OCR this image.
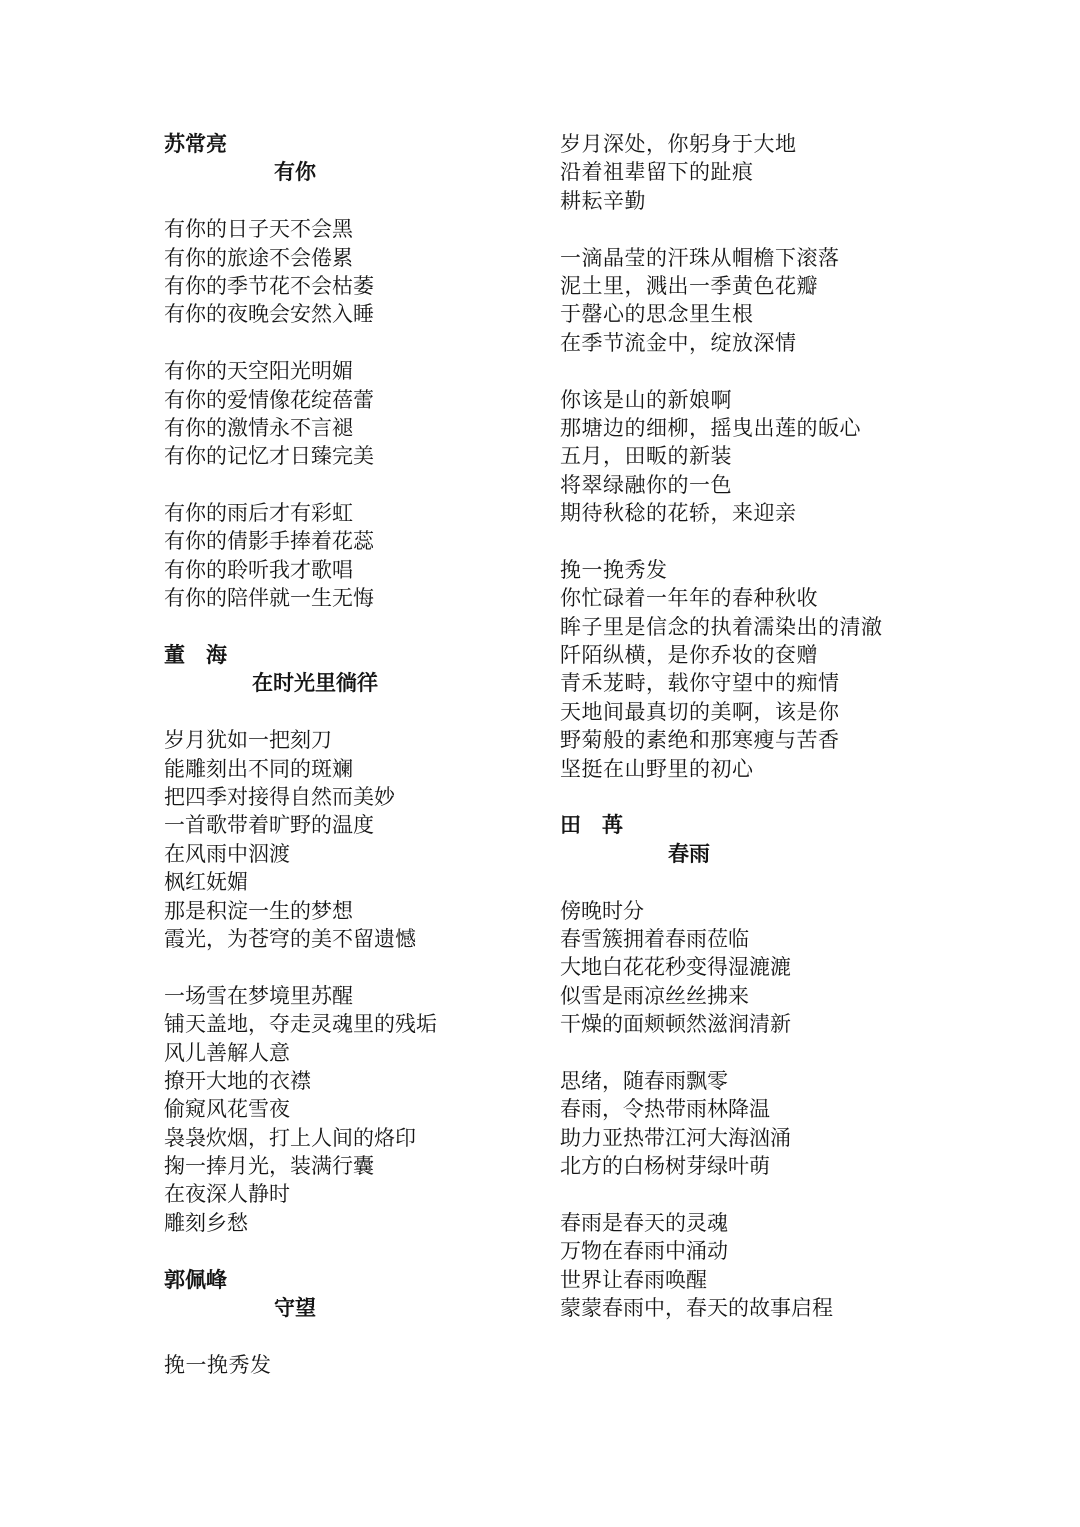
苏常亮
有你
有你的日子天不会黑
有你的旅途不会倦累
有你的季节花不会枯萎
有你的夜晚会安然入睡
有你的天空阳光明媚
有你的爱情像花绽蓓蕾
有你的激情永不言褪
有你的记忆才日臻完美
有你的雨后才有彩虹
有你的倩影手捧着花蕊
有你的聆听我才歌唱
有你的陪伴就一生无悔
董　海
在时光里徜徉
岁月犹如一把刻刀
能雕刻出不同的斑斓
把四季对接得自然而美妙
一首歌带着旷野的温度
在风雨中泅渡
枫红妩媚
那是积淀一生的梦想
霞光，为苍穹的美不留遗憾
一场雪在梦境里苏醒
铺天盖地，夺走灵魂里的残垢
风儿善解人意
撩开大地的衣襟
偷窥风花雪夜
袅袅炊烟，打上人间的烙印
掬一捧月光，装满行囊
在夜深人静时
雕刻乡愁
郭佩峰
守望
挽一挽秀发
岁月深处，你躬身于大地
沿着祖辈留下的趾痕
耕耘辛勤
一滴晶莹的汗珠从帽檐下滚落
泥土里，溅出一季黄色花瓣
于罄心的思念里生根
在季节流金中，绽放深情
你该是山的新娘啊
那塘边的细柳，摇曳出莲的皈心
五月，田畈的新装
将翠绿融你的一色
期待秋稔的花轿，来迎亲
挽一挽秀发
你忙碌着一年年的春种秋收
眸子里是信念的执着濡染出的清澈
阡陌纵横，是你乔妆的奁赠
青禾茏畤，载你守望中的痴情
天地间最真切的美啊，该是你
野菊般的素绝和那寒瘦与苦香
坚挺在山野里的初心
田　苒
春雨
傍晚时分
春雪簇拥着春雨莅临
大地白花花秒变得湿漉漉
似雪是雨凉丝丝拂来
干燥的面颊顿然滋润清新
思绪，随春雨飘零
春雨，令热带雨林降温
助力亚热带江河大海汹涌
北方的白杨树芽绿叶萌
春雨是春天的灵魂
万物在春雨中涌动
世界让春雨唤醒
蒙蒙春雨中，春天的故事启程
